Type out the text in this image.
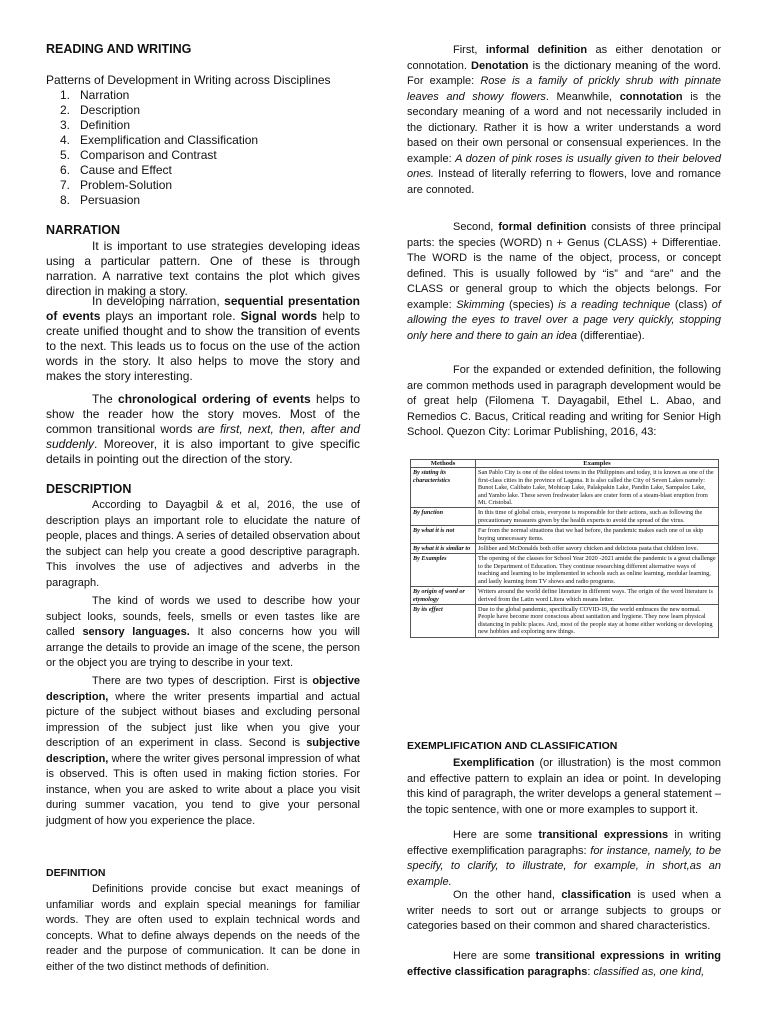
READING AND WRITING
Patterns of Development in Writing across Disciplines
1. Narration
2. Description
3. Definition
4. Exemplification and Classification
5. Comparison and Contrast
6. Cause and Effect
7. Problem-Solution
8. Persuasion
NARRATION
It is important to use strategies developing ideas using a particular pattern. One of these is through narration. A narrative text contains the plot which gives direction in making a story.
In developing narration, sequential presentation of events plays an important role. Signal words help to create unified thought and to show the transition of events to the next. This leads us to focus on the use of the action words in the story. It also helps to move the story and makes the story interesting.
The chronological ordering of events helps to show the reader how the story moves. Most of the common transitional words are first, next, then, after and suddenly. Moreover, it is also important to give specific details in pointing out the direction of the story.
DESCRIPTION
According to Dayagbil & et al, 2016, the use of description plays an important role to elucidate the nature of people, places and things. A series of detailed observation about the subject can help you create a good descriptive paragraph. This involves the use of adjectives and adverbs in the paragraph.
The kind of words we used to describe how your subject looks, sounds, feels, smells or even tastes like are called sensory languages. It also concerns how you will arrange the details to provide an image of the scene, the person or the object you are trying to describe in your text.
There are two types of description. First is objective description, where the writer presents impartial and actual picture of the subject without biases and excluding personal impression of the subject just like when you give your description of an experiment in class. Second is subjective description, where the writer gives personal impression of what is observed. This is often used in making fiction stories. For instance, when you are asked to write about a place you visit during summer vacation, you tend to give your personal judgment of how you experience the place.
DEFINITION
Definitions provide concise but exact meanings of unfamiliar words and explain special meanings for familiar words. They are often used to explain technical words and concepts. What to define always depends on the needs of the reader and the purpose of communication. It can be done in either of the two distinct methods of definition.
First, informal definition as either denotation or connotation. Denotation is the dictionary meaning of the word. For example: Rose is a family of prickly shrub with pinnate leaves and showy flowers. Meanwhile, connotation is the secondary meaning of a word and not necessarily included in the dictionary. Rather it is how a writer understands a word based on their own personal or consensual experiences. In the example: A dozen of pink roses is usually given to their beloved ones. Instead of literally referring to flowers, love and romance are connoted.
Second, formal definition consists of three principal parts: the species (WORD) n + Genus (CLASS) + Differentiae. The WORD is the name of the object, process, or concept defined. This is usually followed by “is” and “are” and the CLASS or general group to which the objects belongs. For example: Skimming (species) is a reading technique (class) of allowing the eyes to travel over a page very quickly, stopping only here and there to gain an idea (differentiae).
For the expanded or extended definition, the following are common methods used in paragraph development would be of great help (Filomena T. Dayagabil, Ethel L. Abao, and Remedios C. Bacus, Critical reading and writing for Senior High School. Quezon City: Lorimar Publishing, 2016, 43:
Methods	Examples
By stating its characteristics	San Pablo City is one of the oldest towns in the Philippines and today, it is known as one of the first-class cities in the province of Laguna. It is also called the City of Seven Lakes namely: Bunot Lake, Calibato Lake, Mohicap Lake, Palakpakin Lake, Pandin Lake, Sampaloc Lake, and Yambo lake. These seven freshwater lakes are crater form of a steam-blast eruption from Mt. Cristobal.
By function	In this time of global crisis, everyone is responsible for their actions, such as following the precautionary measures given by the health experts to avoid the spread of the virus.
By what it is not	Far from the normal situations that we had before, the pandemic makes each one of us skip buying unnecessary items.
By what it is similar to	Jollibee and McDonalds both offer savory chicken and delicious pasta that children love.
By Examples	The opening of the classes for School Year 2020 -2021 amidst the pandemic is a great challenge to the Department of Education. They continue researching different alternative ways of teaching and learning to be implemented in schools such as online learning, modular learning, and lastly learning from TV shows and radio programs.
By origin of word or etymology	Writers around the world define literature in different ways. The origin of the word literature is derived from the Latin word Litera which means letter.
By its effect	Due to the global pandemic, specifically COVID-19, the world embraces the new normal. People have become more conscious about sanitation and hygiene. They now learn physical distancing in public places. And, most of the people stay at home either working or developing new hobbies and exploring new things.
EXEMPLIFICATION AND CLASSIFICATION
Exemplification (or illustration) is the most common and effective pattern to explain an idea or point. In developing this kind of paragraph, the writer develops a general statement –the topic sentence, with one or more examples to support it.
Here are some transitional expressions in writing effective exemplification paragraphs: for instance, namely, to be specify, to clarify, to illustrate, for example, in short,as an example.
On the other hand, classification is used when a writer needs to sort out or arrange subjects to groups or categories based on their common and shared characteristics.
Here are some transitional expressions in writing effective classification paragraphs: classified as, one kind,
